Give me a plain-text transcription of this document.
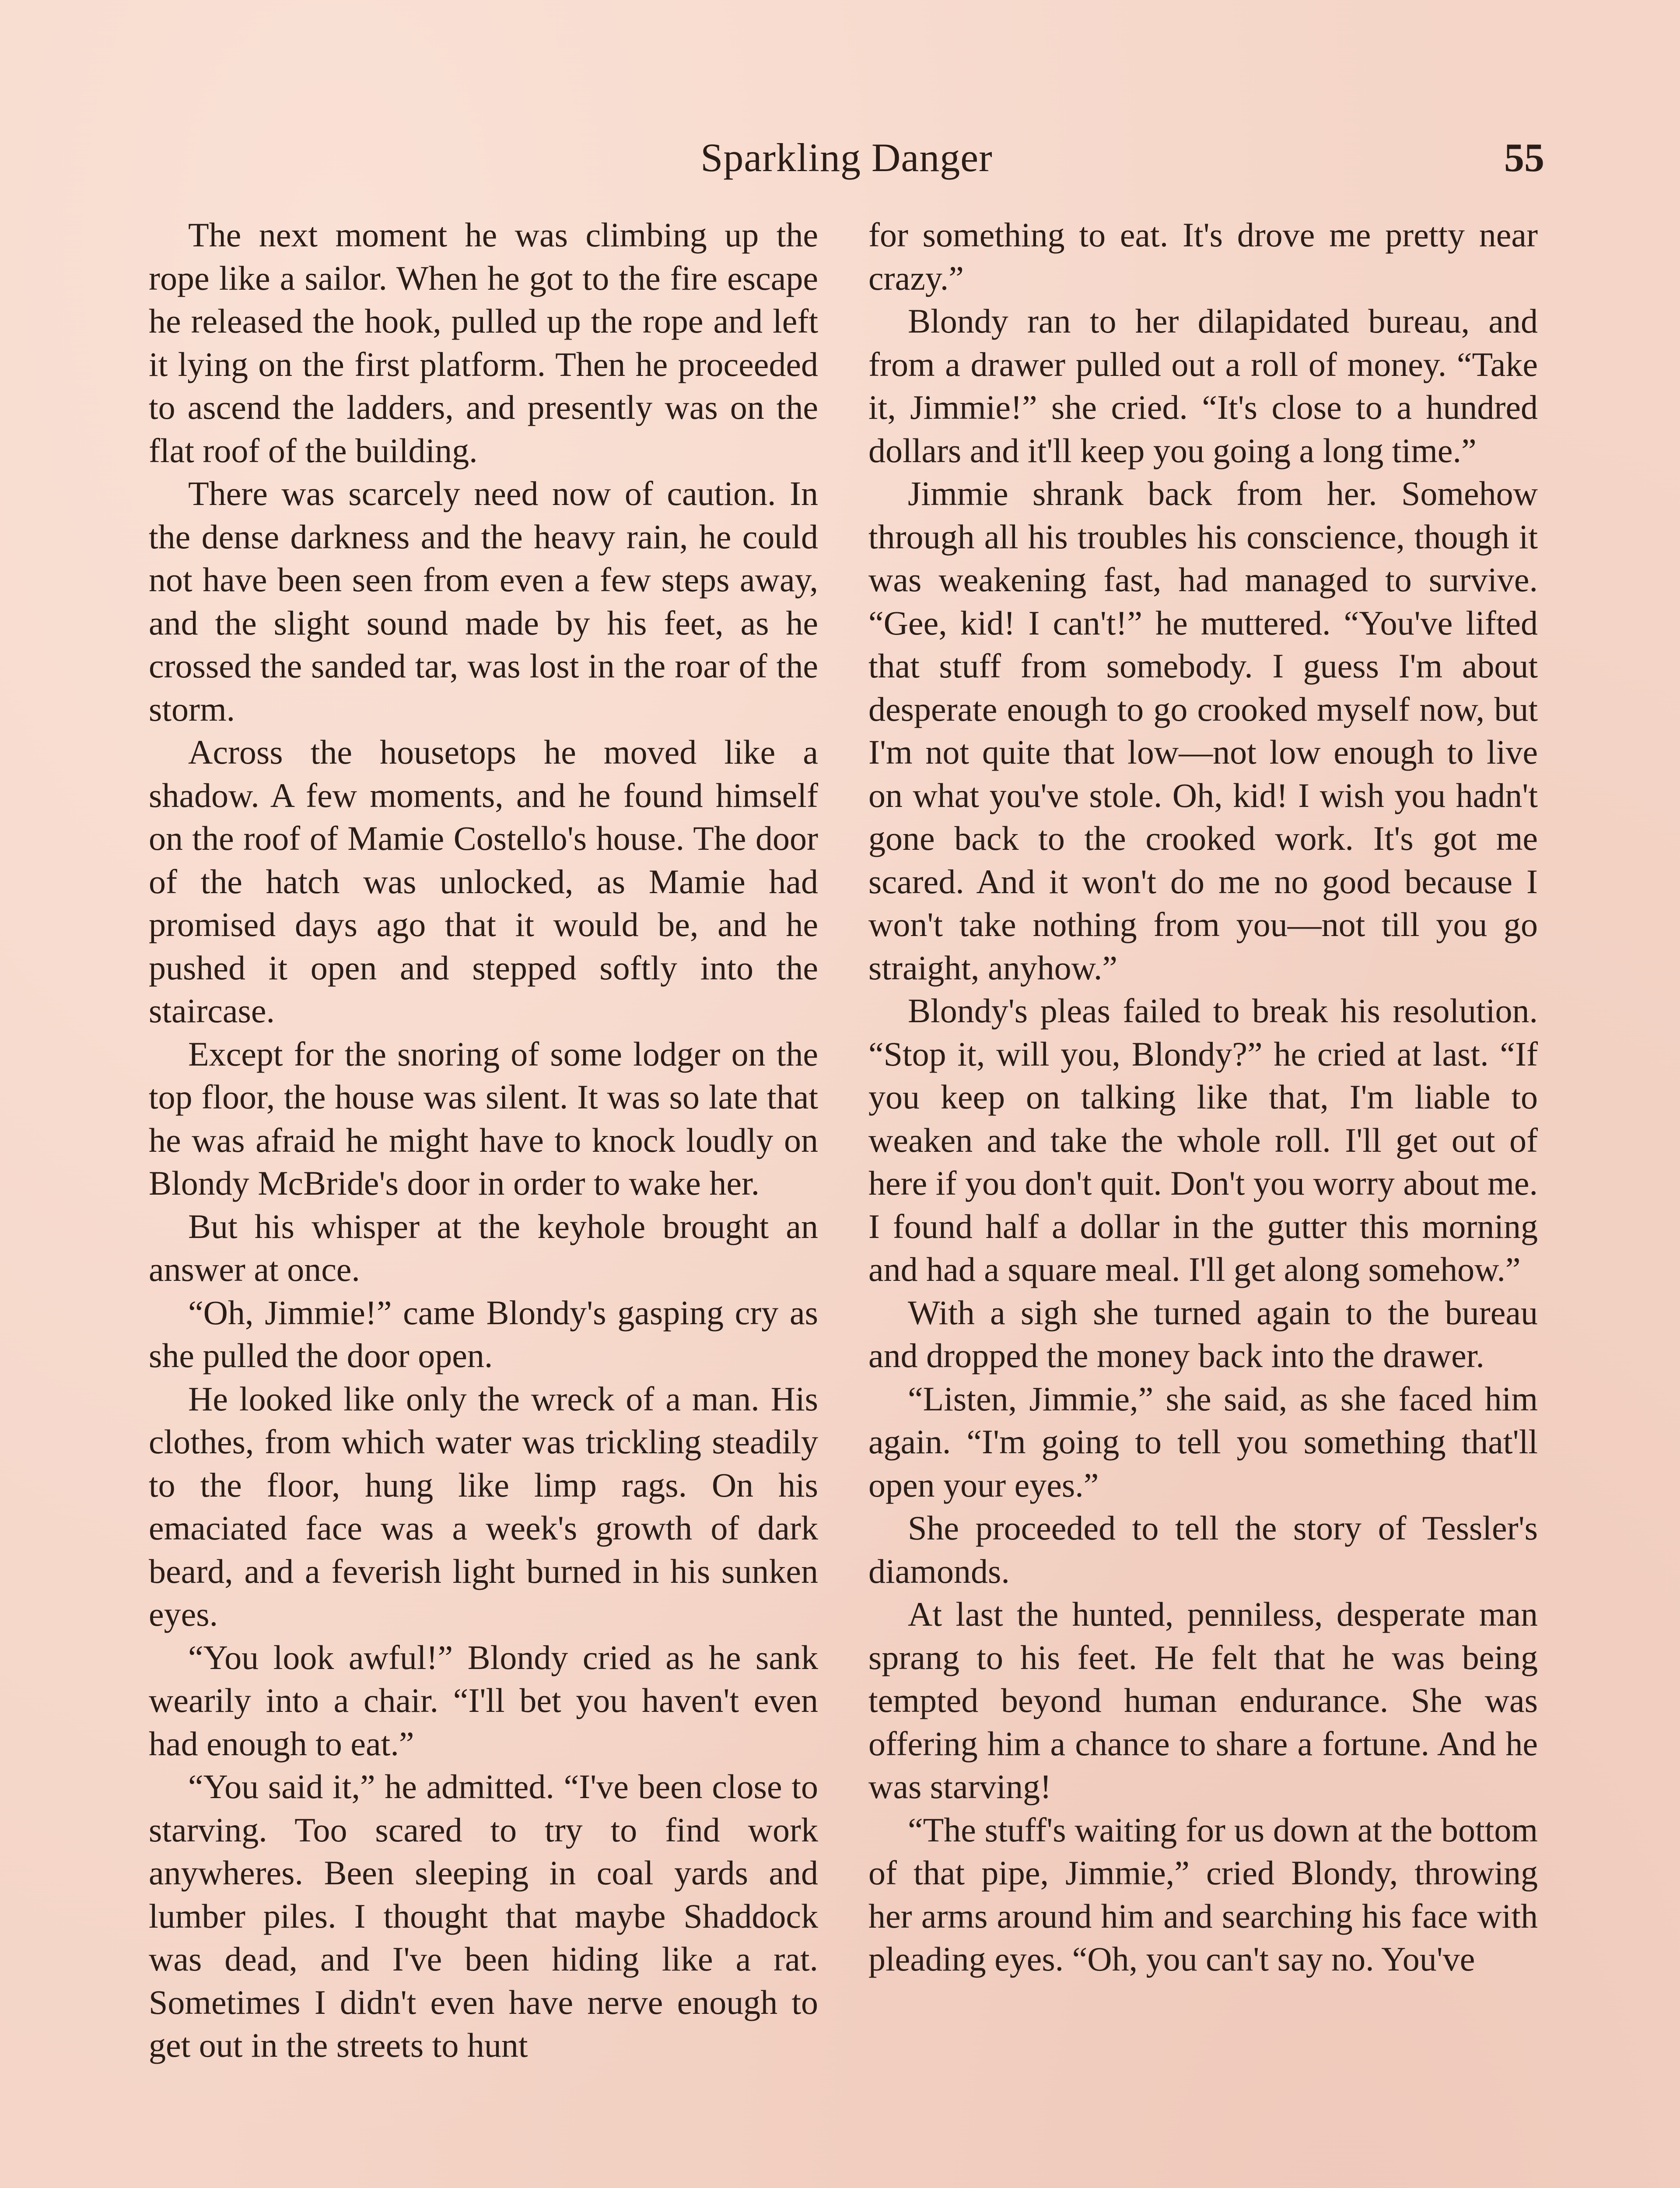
Sparkling Danger	55

The next moment he was climbing up the rope like a sailor. When he got to the fire escape he released the hook, pulled up the rope and left it lying on the first platform. Then he proceeded to ascend the ladders, and presently was on the flat roof of the building.

There was scarcely need now of caution. In the dense darkness and the heavy rain, he could not have been seen from even a few steps away, and the slight sound made by his feet, as he crossed the sanded tar, was lost in the roar of the storm.

Across the housetops he moved like a shadow. A few moments, and he found himself on the roof of Mamie Costello's house. The door of the hatch was unlocked, as Mamie had promised days ago that it would be, and he pushed it open and stepped softly into the staircase.

Except for the snoring of some lodger on the top floor, the house was silent. It was so late that he was afraid he might have to knock loudly on Blondy McBride's door in order to wake her.

But his whisper at the keyhole brought an answer at once.

“Oh, Jimmie!” came Blondy's gasping cry as she pulled the door open.

He looked like only the wreck of a man. His clothes, from which water was trickling steadily to the floor, hung like limp rags. On his emaciated face was a week's growth of dark beard, and a feverish light burned in his sunken eyes.

“You look awful!” Blondy cried as he sank wearily into a chair. “I'll bet you haven't even had enough to eat.”

“You said it,” he admitted. “I've been close to starving. Too scared to try to find work anywheres. Been sleeping in coal yards and lumber piles. I thought that maybe Shaddock was dead, and I've been hiding like a rat. Sometimes I didn't even have nerve enough to get out in the streets to hunt

for something to eat. It's drove me pretty near crazy.”

Blondy ran to her dilapidated bureau, and from a drawer pulled out a roll of money. “Take it, Jimmie!” she cried. “It's close to a hundred dollars and it'll keep you going a long time.”

Jimmie shrank back from her. Somehow through all his troubles his conscience, though it was weakening fast, had managed to survive. “Gee, kid! I can't!” he muttered. “You've lifted that stuff from somebody. I guess I'm about desperate enough to go crooked myself now, but I'm not quite that low—not low enough to live on what you've stole. Oh, kid! I wish you hadn't gone back to the crooked work. It's got me scared. And it won't do me no good because I won't take nothing from you—not till you go straight, anyhow.”

Blondy's pleas failed to break his resolution. “Stop it, will you, Blondy?” he cried at last. “If you keep on talking like that, I'm liable to weaken and take the whole roll. I'll get out of here if you don't quit. Don't you worry about me. I found half a dollar in the gutter this morning and had a square meal. I'll get along somehow.”

With a sigh she turned again to the bureau and dropped the money back into the drawer.

“Listen, Jimmie,” she said, as she faced him again. “I'm going to tell you something that'll open your eyes.”

She proceeded to tell the story of Tessler's diamonds.

At last the hunted, penniless, desperate man sprang to his feet. He felt that he was being tempted beyond human endurance. She was offering him a chance to share a fortune. And he was starving!

“The stuff's waiting for us down at the bottom of that pipe, Jimmie,” cried Blondy, throwing her arms around him and searching his face with pleading eyes. “Oh, you can't say no. You've
